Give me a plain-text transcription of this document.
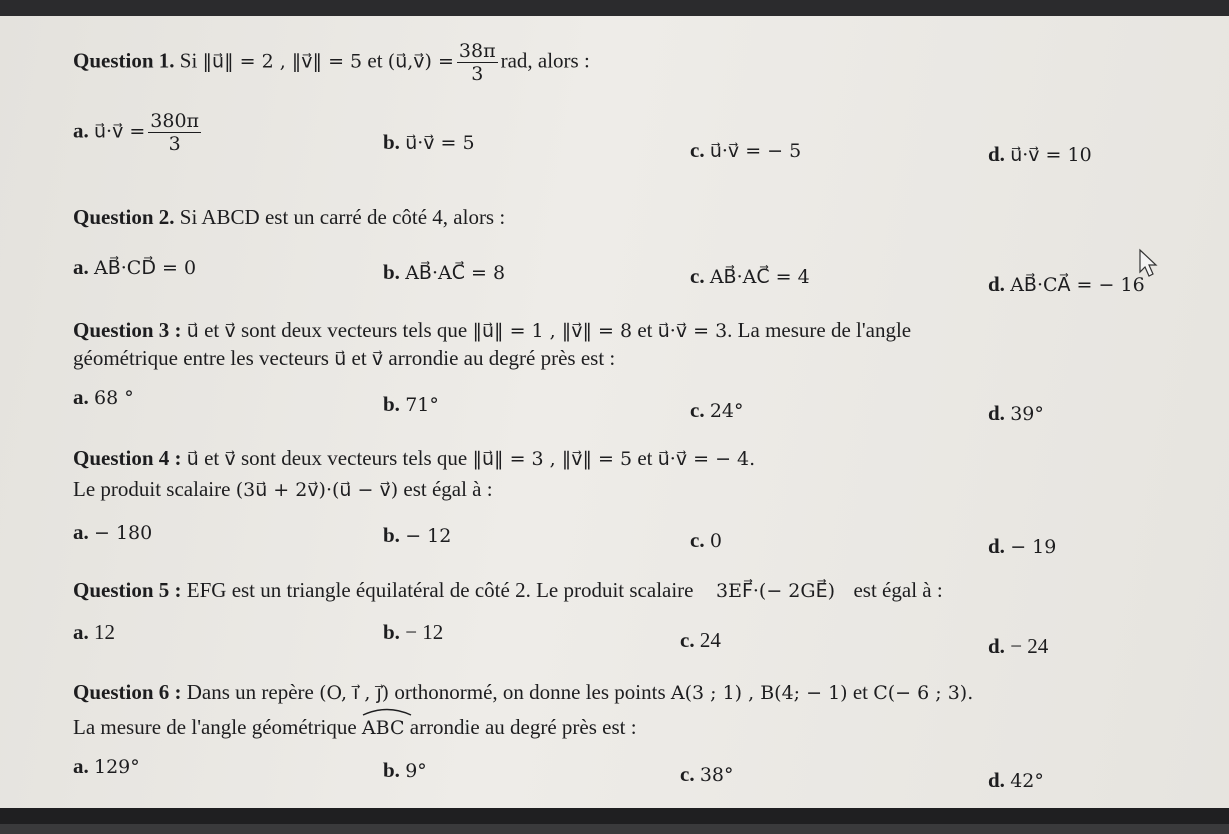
Question 1. Si ‖u⃗‖ = 2 , ‖v⃗‖ = 5 et (u⃗,v⃗) = $\frac{38\pi}{3}$ rad, alors :
a. u⃗·v⃗ = $\frac{380\pi}{3}$	b. u⃗·v⃗ = 5	c. u⃗·v⃗ = − 5	d. u⃗·v⃗ = 10
Question 2. Si ABCD est un carré de côté 4, alors :
a. AB⃗·CD⃗ = 0	b. AB⃗·AC⃗ = 8	c. AB⃗·AC⃗ = 4	d. AB⃗·CA⃗ = − 16
Question 3 : u⃗ et v⃗ sont deux vecteurs tels que ‖u⃗‖ = 1 , ‖v⃗‖ = 8 et u⃗·v⃗ = 3. La mesure de l'angle
géométrique entre les vecteurs u⃗ et v⃗ arrondie au degré près est :
a. 68 °	b. 71°	c. 24°	d. 39°
Question 4 : u⃗ et v⃗ sont deux vecteurs tels que ‖u⃗‖ = 3 , ‖v⃗‖ = 5 et u⃗·v⃗ = − 4.
Le produit scalaire (3u⃗ + 2v⃗)·(u⃗ − v⃗) est égal à :
a. − 180	b. − 12	c. 0	d. − 19
Question 5 : EFG est un triangle équilatéral de côté 2. Le produit scalaire 3EF⃗·(− 2GE⃗) est égal à :
a. 12	b. − 12	c. 24	d. − 24
Question 6 : Dans un repère (O, i⃗ , j⃗) orthonormé, on donne les points A(3 ; 1) , B(4; − 1) et C(− 6 ; 3).
La mesure de l'angle géométrique ABC arrondie au degré près est :
a. 129°	b. 9°	c. 38°	d. 42°
